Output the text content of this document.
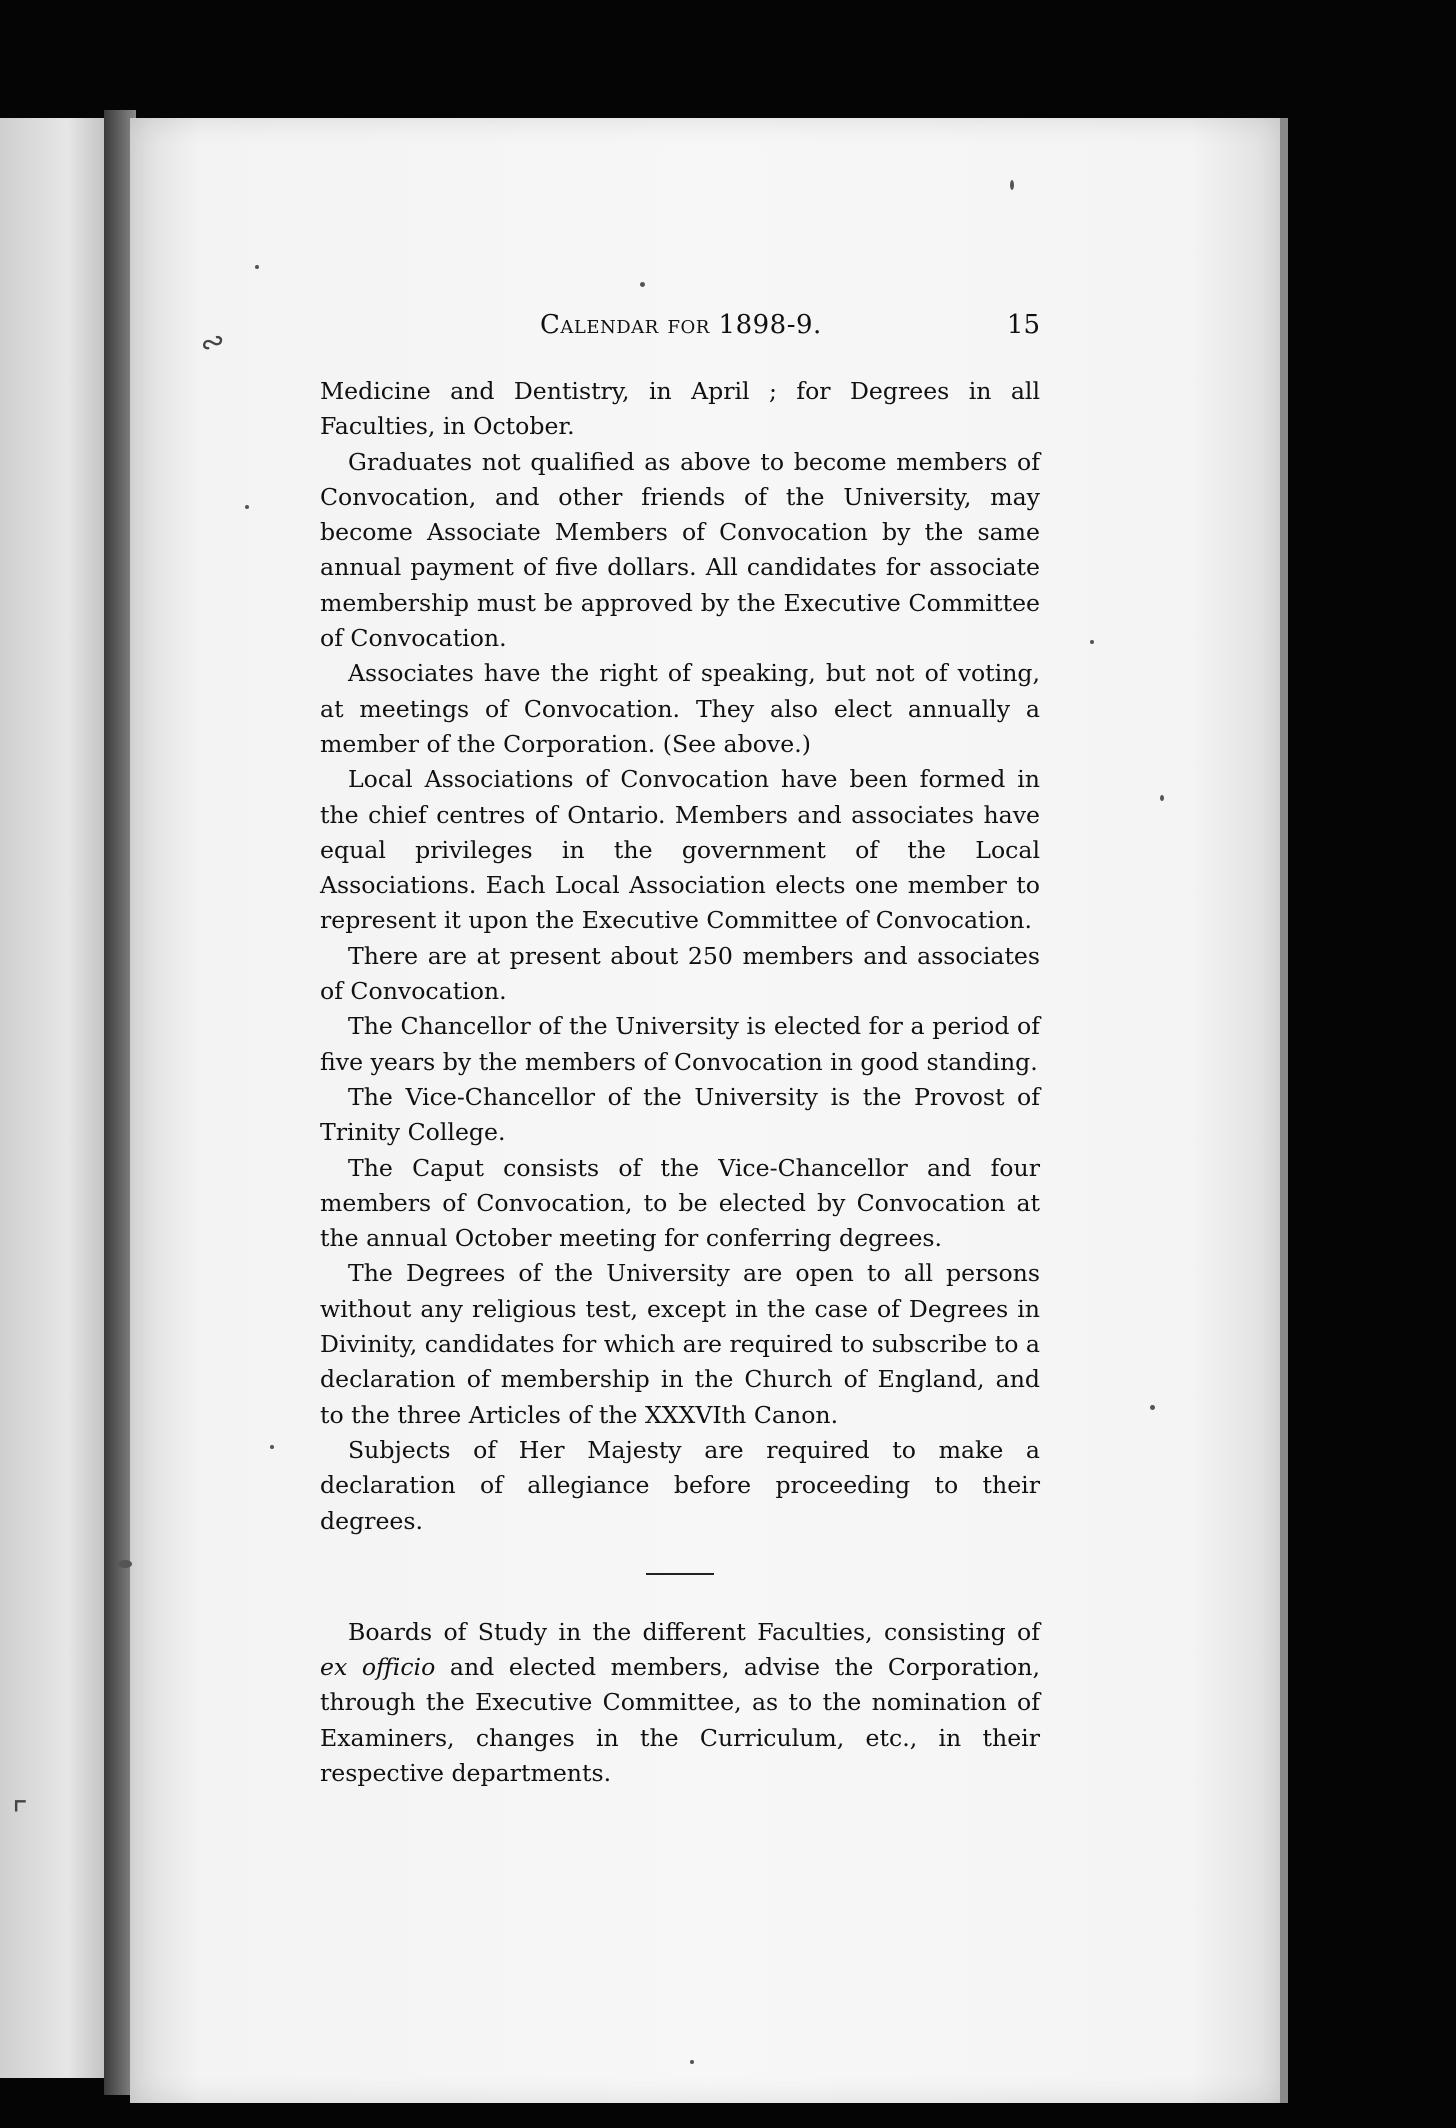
∾
⌜
Calendar for 1898-9.	15

Medicine and Dentistry, in April ; for Degrees in all Faculties, in October.

Graduates not qualified as above to become members of Convocation, and other friends of the University, may become Associate Members of Convocation by the same annual payment of five dollars. All candidates for associate membership must be approved by the Executive Committee of Convocation.

Associates have the right of speaking, but not of voting, at meetings of Convocation. They also elect annually a member of the Corporation. (See above.)

Local Associations of Convocation have been formed in the chief centres of Ontario. Members and associates have equal privileges in the government of the Local Associations. Each Local Association elects one member to represent it upon the Executive Committee of Convocation.

There are at present about 250 members and associates of Convocation.

The Chancellor of the University is elected for a period of five years by the members of Convocation in good standing.

The Vice-Chancellor of the University is the Provost of Trinity College.

The Caput consists of the Vice-Chancellor and four members of Convocation, to be elected by Convocation at the annual October meeting for conferring degrees.

The Degrees of the University are open to all persons without any religious test, except in the case of Degrees in Divinity, candidates for which are required to subscribe to a declaration of membership in the Church of England, and to the three Articles of the XXXVIth Canon.

Subjects of Her Majesty are required to make a declaration of allegiance before proceeding to their degrees.

Boards of Study in the different Faculties, consisting of ex officio and elected members, advise the Corporation, through the Executive Committee, as to the nomination of Examiners, changes in the Curriculum, etc., in their respective departments.
